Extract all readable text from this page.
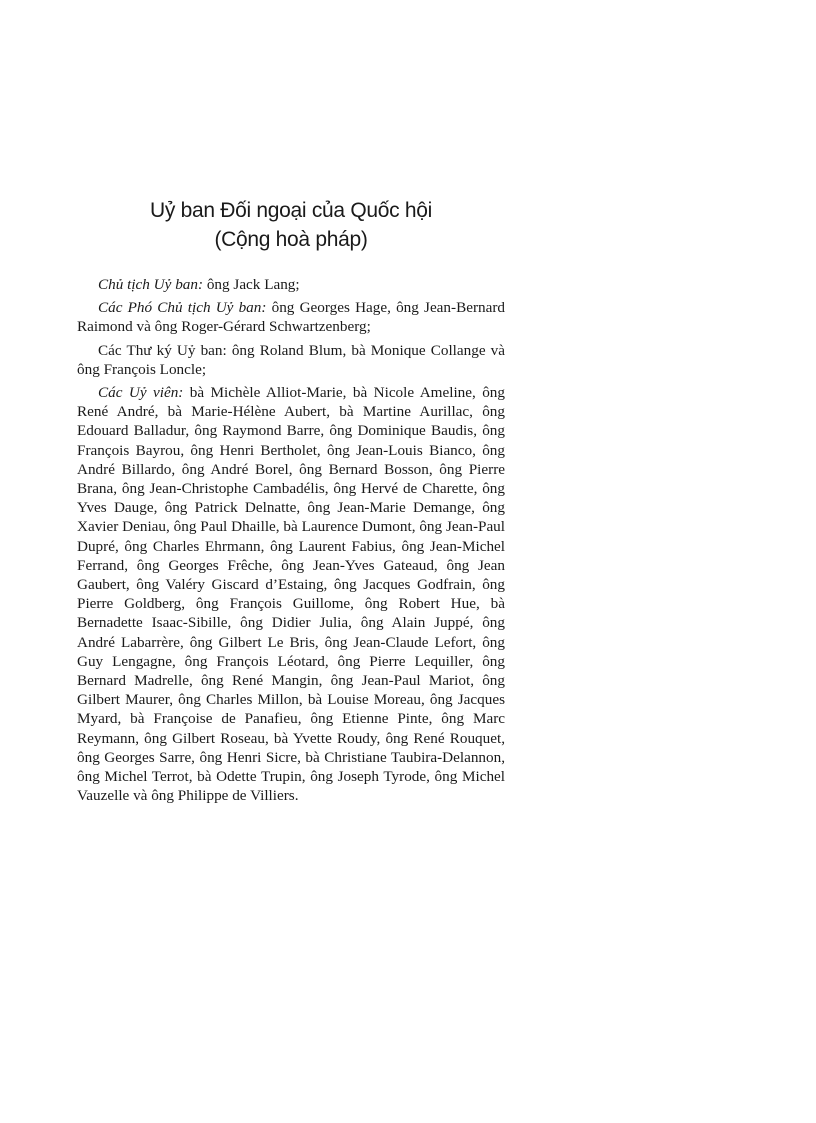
Uỷ ban Đối ngoại của Quốc hội
(Cộng hoà pháp)

Chủ tịch Uỷ ban: ông Jack Lang;

Các Phó Chủ tịch Uỷ ban: ông Georges Hage, ông Jean-Bernard Raimond và ông Roger-Gérard Schwartzenberg;

Các Thư ký Uỷ ban: ông Roland Blum, bà Monique Collange và ông François Loncle;

Các Uỷ viên: bà Michèle Alliot-Marie, bà Nicole Ameline, ông René André, bà Marie-Hélène Aubert, bà Martine Aurillac, ông Edouard Balladur, ông Raymond Barre, ông Dominique Baudis, ông François Bayrou, ông Henri Bertholet, ông Jean-Louis Bianco, ông André Billardo, ông André Borel, ông Bernard Bosson, ông Pierre Brana, ông Jean-Christophe Cambadélis, ông Hervé de Charette, ông Yves Dauge, ông Patrick Delnatte, ông Jean-Marie Demange, ông Xavier Deniau, ông Paul Dhaille, bà Laurence Dumont, ông Jean-Paul Dupré, ông Charles Ehrmann, ông Laurent Fabius, ông Jean-Michel Ferrand, ông Georges Frêche, ông Jean-Yves Gateaud, ông Jean Gaubert, ông Valéry Giscard d’Estaing, ông Jacques Godfrain, ông Pierre Goldberg, ông François Guillome, ông Robert Hue, bà Bernadette Isaac-Sibille, ông Didier Julia, ông Alain Juppé, ông André Labarrère, ông Gilbert Le Bris, ông Jean-Claude Lefort, ông Guy Lengagne, ông François Léotard, ông Pierre Lequiller, ông Bernard Madrelle, ông René Mangin, ông Jean-Paul Mariot, ông Gilbert Maurer, ông Charles Millon, bà Louise Moreau, ông Jacques Myard, bà Françoise de Panafieu, ông Etienne Pinte, ông Marc Reymann, ông Gilbert Roseau, bà Yvette Roudy, ông René Rouquet, ông Georges Sarre, ông Henri Sicre, bà Christiane Taubira-Delannon, ông Michel Terrot, bà Odette Trupin, ông Joseph Tyrode, ông Michel Vauzelle và ông Philippe de Villiers.
